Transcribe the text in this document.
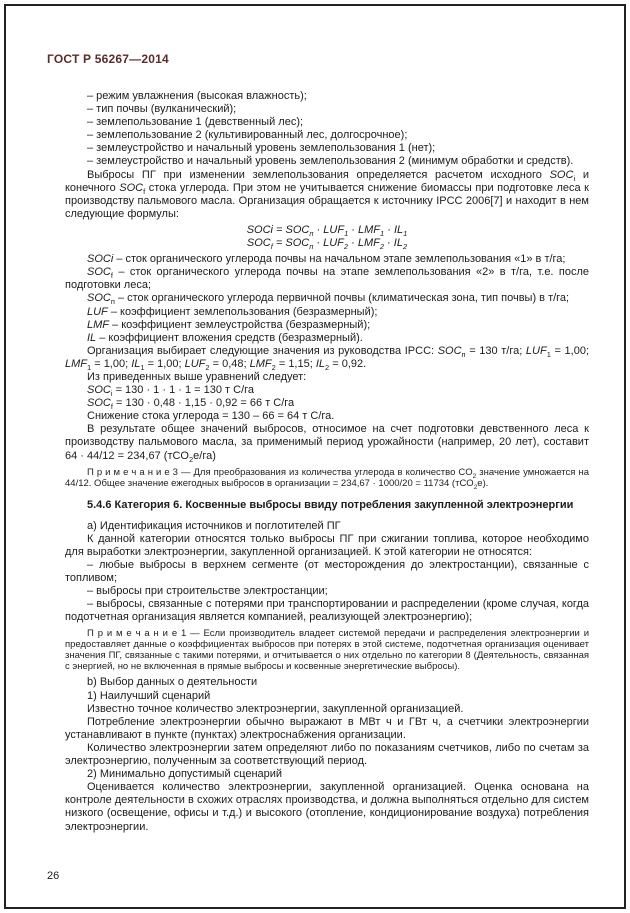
ГОСТ Р 56267—2014
– режим увлажнения (высокая влажность);
– тип почвы (вулканический);
– землепользование 1 (девственный лес);
– землепользование 2 (культивированный лес, долгосрочное);
– землеустройство и начальный уровень землепользования 1 (нет);
– землеустройство и начальный уровень землепользования 2 (минимум обработки и средств).
Выбросы ПГ при изменении землепользования определяется расчетом исходного $SOC_i$ и конечного $SOC_f$ стока углерода. При этом не учитывается снижение биомассы при подготовке леса к производству пальмового масла. Организация обращается к источнику IPCC 2006[7] и находит в нем следующие формулы:
SOCi = $SOC_п \cdot LUF_1 \cdot LMF_1 \cdot IL_1$
$SOC_f = SOC_п \cdot LUF_2 \cdot LMF_2 \cdot IL_2$
SOCi – сток органического углерода почвы на начальном этапе землепользования «1» в т/га;
$SOC_f$ – сток органического углерода почвы на этапе землепользования «2» в т/га, т.е. после подготовки леса;
$SOC_п$ – сток органического углерода первичной почвы (климатическая зона, тип почвы) в т/га;
LUF – коэффициент землепользования (безразмерный);
LMF – коэффициент землеустройства (безразмерный);
IL – коэффициент вложения средств (безразмерный).
Организация выбирает следующие значения из руководства IPCC: $SOC_п = 130$ т/га; $LUF_1 = 1,00$; $LMF_1 = 1,00$; $IL_1 = 1,00$; $LUF_2 = 0,48$; $LMF_2 = 1,15$; $IL_2 = 0,92$.
Из приведенных выше уравнений следует:
$SOC_i = 130 \cdot 1 \cdot 1 \cdot 1 = 130$ т С/га
$SOC_f = 130 \cdot 0,48 \cdot 1,15 \cdot 0,92 = 66$ т С/га
Снижение стока углерода = 130 – 66 = 64 т С/га.
В результате общее значений выбросов, относимое на счет подготовки девственного леса к производству пальмового масла, за применимый период урожайности (например, 20 лет), составит 64 · 44/12 = 234,67 (тCO$_2$е/га)
П р и м е ч а н и е 3 — Для преобразования из количества углерода в количество $CO_2$ значение умножается на 44/12. Общее значение ежегодных выбросов в организации = 234,67 · 1000/20 = 11734 (тCO$_2$е).
5.4.6 Категория 6. Косвенные выбросы ввиду потребления закупленной электроэнергии
а) Идентификация источников и поглотителей ПГ
К данной категории относятся только выбросы ПГ при сжигании топлива, которое необходимо для выработки электроэнергии, закупленной организацией. К этой категории не относятся:
– любые выбросы в верхнем сегменте (от месторождения до электростанции), связанные с топливом;
– выбросы при строительстве электростанции;
– выбросы, связанные с потерями при транспортировании и распределении (кроме случая, когда подотчетная организация является компанией, реализующей электроэнергию);
П р и м е ч а н и е 1 — Если производитель владеет системой передачи и распределения электроэнергии и предоставляет данные о коэффициентах выбросов при потерях в этой системе, подотчетная организация оценивает значения ПГ, связанные с такими потерями, и отчитывается о них отдельно по категории 8 (Деятельность, связанная с энергией, но не включенная в прямые выбросы и косвенные энергетические выбросы).
b) Выбор данных о деятельности
1) Наилучший сценарий
Известно точное количество электроэнергии, закупленной организацией.
Потребление электроэнергии обычно выражают в МВт ч и ГВт ч, а счетчики электроэнергии устанавливают в пункте (пунктах) электроснабжения организации.
Количество электроэнергии затем определяют либо по показаниям счетчиков, либо по счетам за электроэнергию, полученным за соответствующий период.
2) Минимально допустимый сценарий
Оценивается количество электроэнергии, закупленной организацией. Оценка основана на контроле деятельности в схожих отраслях производства, и должна выполняться отдельно для систем низкого (освещение, офисы и т.д.) и высокого (отопление, кондиционирование воздуха) потребления электроэнергии.
26
